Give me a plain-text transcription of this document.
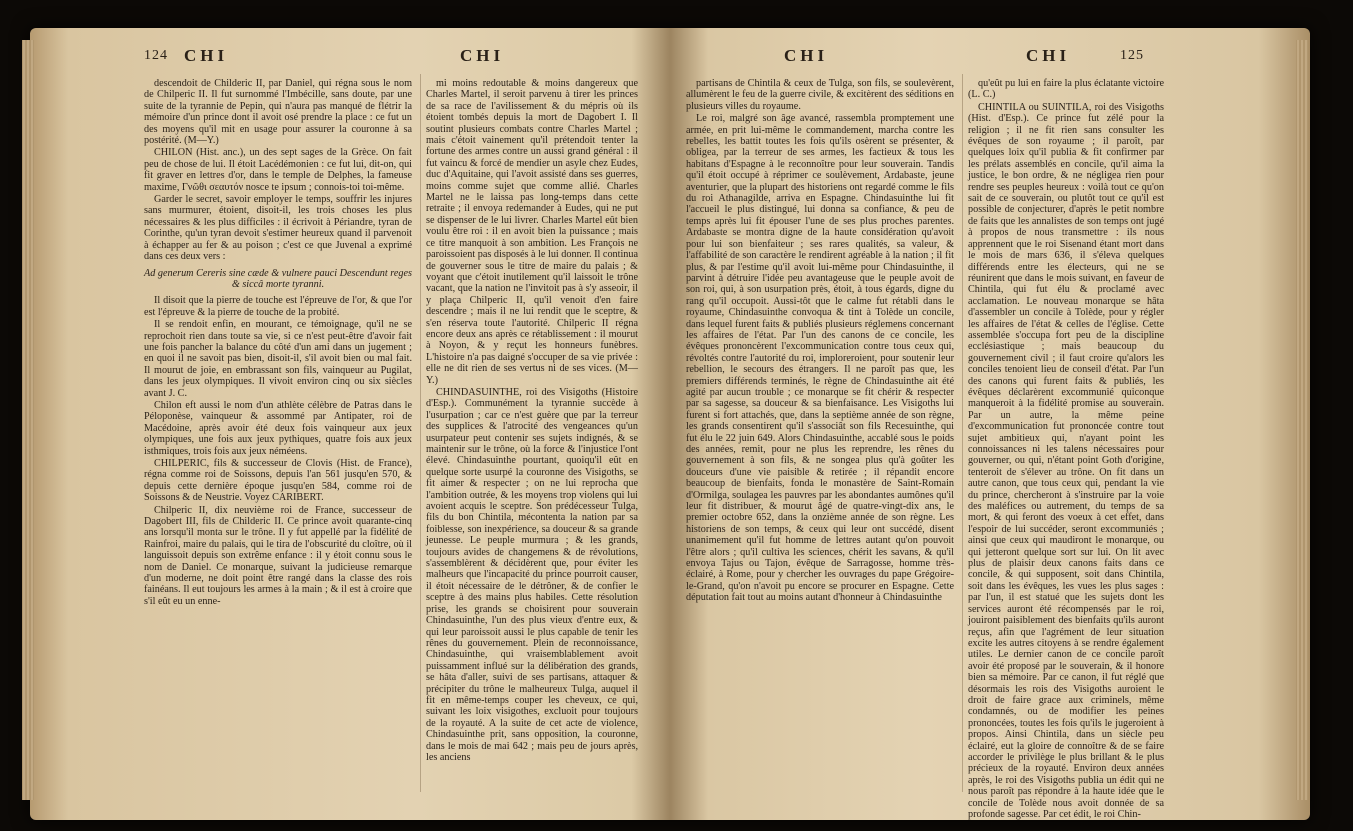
124 CHI	CHI

descendoit de Childeric II, par Daniel, qui régna sous le nom de Chilperic II. Il fut surnommé l'Imbécille, sans doute, par une suite de la tyrannie de Pepin, qui n'aura pas manqué de flétrir la mémoire d'un prince dont il avoit osé prendre la place : ce fut un des moyens qu'il mit en usage pour assurer la couronne à sa postérité. (M—Y.)

CHILON (Hist. anc.), un des sept sages de la Grèce. On fait peu de chose de lui. Il étoit Lacédémonien : ce fut lui, dit-on, qui fit graver en lettres d'or, dans le temple de Delphes, la fameuse maxime, Γνῶθι σεαυτόν nosce te ipsum ; connois-toi toi-même.

Garder le secret, savoir employer le temps, souffrir les injures sans murmurer, étoient, disoit-il, les trois choses les plus nécessaires & les plus difficiles : il écrivoit à Périandre, tyran de Corinthe, qu'un tyran devoit s'estimer heureux quand il parvenoit à échapper au fer & au poison ; c'est ce que Juvenal a exprimé dans ces deux vers :

Ad generum Cereris sine cæde & vulnere pauci Descendunt reges & siccâ morte tyranni.

Il disoit que la pierre de touche est l'épreuve de l'or, & que l'or est l'épreuve & la pierre de touche de la probité.

Il se rendoit enfin, en mourant, ce témoignage, qu'il ne se reprochoit rien dans toute sa vie, si ce n'est peut-être d'avoir fait une fois pancher la balance du côté d'un ami dans un jugement ; en quoi il ne savoit pas bien, disoit-il, s'il avoit bien ou mal fait. Il mourut de joie, en embrassant son fils, vainqueur au Pugilat, dans les jeux olympiques. Il vivoit environ cinq ou six siècles avant J. C.

Chilon eft aussi le nom d'un athlète célèbre de Patras dans le Péloponèse, vainqueur & assommé par Antipater, roi de Macédoine, après avoir été deux fois vainqueur aux jeux olympiques, une fois aux jeux pythiques, quatre fois aux jeux isthmiques, trois fois aux jeux néméens.

CHILPERIC, fils & successeur de Clovis (Hist. de France), régna comme roi de Soissons, depuis l'an 561 jusqu'en 570, & depuis cette dernière époque jusqu'en 584, comme roi de Soissons & de Neustrie. Voyez CARIBERT.

Chilperic II, dix neuvième roi de France, successeur de Dagobert III, fils de Childeric II. Ce prince avoit quarante-cinq ans lorsqu'il monta sur le trône. Il y fut appellé par la fidélité de Rainfroi, maire du palais, qui le tira de l'obscurité du cloître, où il languissoit depuis son extrême enfance : il y étoit connu sous le nom de Daniel. Ce monarque, suivant la judicieuse remarque d'un moderne, ne doit point être rangé dans la classe des rois fainéans. Il eut toujours les armes à la main ; & il est à croire que s'il eût eu un enne-

mi moins redoutable & moins dangereux que Charles Martel, il seroit parvenu à tirer les princes de sa race de l'avilissement & du mépris où ils étoient tombés depuis la mort de Dagobert I. Il soutint plusieurs combats contre Charles Martel ; mais c'étoit vainement qu'il prétendoit tenter la fortune des armes contre un aussi grand général : il fut vaincu & forcé de mendier un asyle chez Eudes, duc d'Aquitaine, qui l'avoit assisté dans ses guerres, moins comme sujet que comme allié. Charles Martel ne le laissa pas long-temps dans cette retraite ; il envoya redemander à Eudes, qui ne put se dispenser de le lui livrer. Charles Martel eût bien voulu être roi : il en avoit bien la puissance ; mais ce titre manquoit à son ambition. Les François ne paroissoient pas disposés à le lui donner. Il continua de gouverner sous le titre de maire du palais ; & voyant que c'étoit inutilement qu'il laissoit le trône vacant, que la nation ne l'invitoit pas à s'y asseoir, il y plaça Chilperic II, qu'il venoit d'en faire descendre ; mais il ne lui rendit que le sceptre, & s'en réserva toute l'autorité. Chilperic II régna encore deux ans après ce rétablissement : il mourut à Noyon, & y reçut les honneurs funèbres. L'histoire n'a pas daigné s'occuper de sa vie privée : elle ne dit rien de ses vertus ni de ses vices. (M—Y.)

CHINDASUINTHE, roi des Visigoths (Histoire d'Esp.). Communément la tyrannie succède à l'usurpation ; car ce n'est guère que par la terreur des supplices & l'atrocité des vengeances qu'un usurpateur peut contenir ses sujets indignés, & se maintenir sur le trône, où la force & l'injustice l'ont élevé. Chindasuinthe pourtant, quoiqu'il eût en quelque sorte usurpé la couronne des Visigoths, se fit aimer & respecter ; on ne lui reprocha que l'ambition outrée, & les moyens trop violens qui lui avoient acquis le sceptre. Son prédécesseur Tulga, fils du bon Chintila, mécontenta la nation par sa foiblesse, son inexpérience, sa douceur & sa grande jeunesse. Le peuple murmura ; & les grands, toujours avides de changemens & de révolutions, s'assemblèrent & décidèrent que, pour éviter les malheurs que l'incapacité du prince pourroit causer, il étoit nécessaire de le détrôner, & de confier le sceptre à des mains plus habiles. Cette résolution prise, les grands se choisirent pour souverain Chindasuinthe, l'un des plus vieux d'entre eux, & qui leur paroissoit aussi le plus capable de tenir les rênes du gouvernement. Plein de reconnoissance, Chindasuinthe, qui vraisemblablement avoit puissamment influé sur la délibération des grands, se hâta d'aller, suivi de ses partisans, attaquer & précipiter du trône le malheureux Tulga, auquel il fit en même-temps couper les cheveux, ce qui, suivant les loix visigothes, excluoit pour toujours de la royauté. A la suite de cet acte de violence, Chindasuinthe prit, sans opposition, la couronne, dans le mois de mai 642 ; mais peu de jours après, les anciens

CHI	CHI	125

partisans de Chintila & ceux de Tulga, son fils, se soulevèrent, allumèrent le feu de la guerre civile, & excitèrent des séditions en plusieurs villes du royaume.

Le roi, malgré son âge avancé, rassembla promptement une armée, en prit lui-même le commandement, marcha contre les rebelles, les battit toutes les fois qu'ils osèrent se présenter, & obligea, par la terreur de ses armes, les factieux & tous les habitans d'Espagne à le reconnoître pour leur souverain. Tandis qu'il étoit occupé à réprimer ce soulèvement, Ardabaste, jeune aventurier, que la plupart des historiens ont regardé comme le fils du roi Athanagilde, arriva en Espagne. Chindasuinthe lui fit l'accueil le plus distingué, lui donna sa confiance, & peu de temps après lui fit épouser l'une de ses plus proches parentes. Ardabaste se montra digne de la haute considération qu'avoit pour lui son bienfaiteur ; ses rares qualités, sa valeur, & l'affabilité de son caractère le rendirent agréable à la nation ; il fit plus, & par l'estime qu'il avoit lui-même pour Chindasuinthe, il parvint à détruire l'idée peu avantageuse que le peuple avoit de son roi, qui, à son usurpation près, étoit, à tous égards, digne du rang qu'il occupoit. Aussi-tôt que le calme fut rétabli dans le royaume, Chindasuinthe convoqua & tint à Tolède un concile, dans lequel furent faits & publiés plusieurs réglemens concernant les affaires de l'état. Par l'un des canons de ce concile, les évêques prononcèrent l'excommunication contre tous ceux qui, révoltés contre l'autorité du roi, imploreroient, pour soutenir leur rebellion, le secours des étrangers. Il ne paroît pas que, les premiers différends terminés, le règne de Chindasuinthe ait été agité par aucun trouble ; ce monarque se fit chérir & respecter par sa sagesse, sa douceur & sa bienfaisance. Les Visigoths lui furent si fort attachés, que, dans la septième année de son règne, les grands consentirent qu'il s'associât son fils Recesuinthe, qui fut élu le 22 juin 649. Alors Chindasuinthe, accablé sous le poids des années, remit, pour ne plus les reprendre, les rênes du gouvernement à son fils, & ne songea plus qu'à goûter les douceurs d'une vie paisible & retirée ; il répandit encore beaucoup de bienfaits, fonda le monastère de Saint-Romain d'Ormilga, soulagea les pauvres par les abondantes aumônes qu'il leur fit distribuer, & mourut âgé de quatre-vingt-dix ans, le premier octobre 652, dans la onzième année de son règne. Les historiens de son temps, & ceux qui leur ont succédé, disent unanimement qu'il fut homme de lettres autant qu'on pouvoit l'être alors ; qu'il cultiva les sciences, chérit les savans, & qu'il envoya Tajus ou Tajon, évêque de Sarragosse, homme très-éclairé, à Rome, pour y chercher les ouvrages du pape Grégoire-le-Grand, qu'on n'avoit pu encore se procurer en Espagne. Cette députation fait tout au moins autant d'honneur à Chindasuinthe

qu'eût pu lui en faire la plus éclatante victoire (L. C.)

CHINTILA ou SUINTILA, roi des Visigoths (Hist. d'Esp.). Ce prince fut zélé pour la religion ; il ne fit rien sans consulter les évêques de son royaume ; il paroît, par quelques loix qu'il publia & fit confirmer par les prélats assemblés en concile, qu'il aima la justice, le bon ordre, & ne négligea rien pour rendre ses peuples heureux : voilà tout ce qu'on sait de ce souverain, ou plutôt tout ce qu'il est possible de conjecturer, d'après le petit nombre de faits que les annalistes de son temps ont jugé à propos de nous transmettre : ils nous apprennent que le roi Sisenand étant mort dans le mois de mars 636, il s'éleva quelques différends entre les électeurs, qui ne se réunirent que dans le mois suivant, en faveur de Chintila, qui fut élu & proclamé avec acclamation. Le nouveau monarque se hâta d'assembler un concile à Tolède, pour y régler les affaires de l'état & celles de l'église. Cette assemblée s'occupa fort peu de la discipline ecclésiastique ; mais beaucoup du gouvernement civil ; il faut croire qu'alors les conciles tenoient lieu de conseil d'état. Par l'un des canons qui furent faits & publiés, les évêques déclarèrent excommunié quiconque manqueroit à la fidélité promise au souverain. Par un autre, la même peine d'excommunication fut prononcée contre tout sujet ambitieux qui, n'ayant point les connoissances ni les talens nécessaires pour gouverner, ou qui, n'étant point Goth d'origine, tenteroit de s'élever au trône. On fit dans un autre canon, que tous ceux qui, pendant la vie du prince, chercheront à s'instruire par la voie des maléfices ou autrement, du temps de sa mort, & qui feront des voeux à cet effet, dans l'espoir de lui succéder, seront excommuniés ; ainsi que ceux qui maudiront le monarque, ou qui jetteront quelque sort sur lui. On lit avec plus de plaisir deux canons faits dans ce concile, & qui supposent, soit dans Chintila, soit dans les évêques, les vues les plus sages : par l'un, il est statué que les sujets dont les services auront été récompensés par le roi, jouiront paisiblement des bienfaits qu'ils auront reçus, afin que l'agrément de leur situation excite les autres citoyens à se rendre également utiles. Le dernier canon de ce concile paroît avoir été proposé par le souverain, & il honore bien sa mémoire. Par ce canon, il fut réglé que désormais les rois des Visigoths auroient le droit de faire grace aux criminels, même condamnés, ou de modifier les peines prononcées, toutes les fois qu'ils le jugeroient à propos. Ainsi Chintila, dans un siècle peu éclairé, eut la gloire de connoître & de se faire accorder le privilège le plus brillant & le plus précieux de la royauté. Environ deux années après, le roi des Visigoths publia un édit qui ne nous paroît pas répondre à la haute idée que le concile de Tolède nous avoit donnée de sa profonde sagesse. Par cet édit, le roi Chin-
